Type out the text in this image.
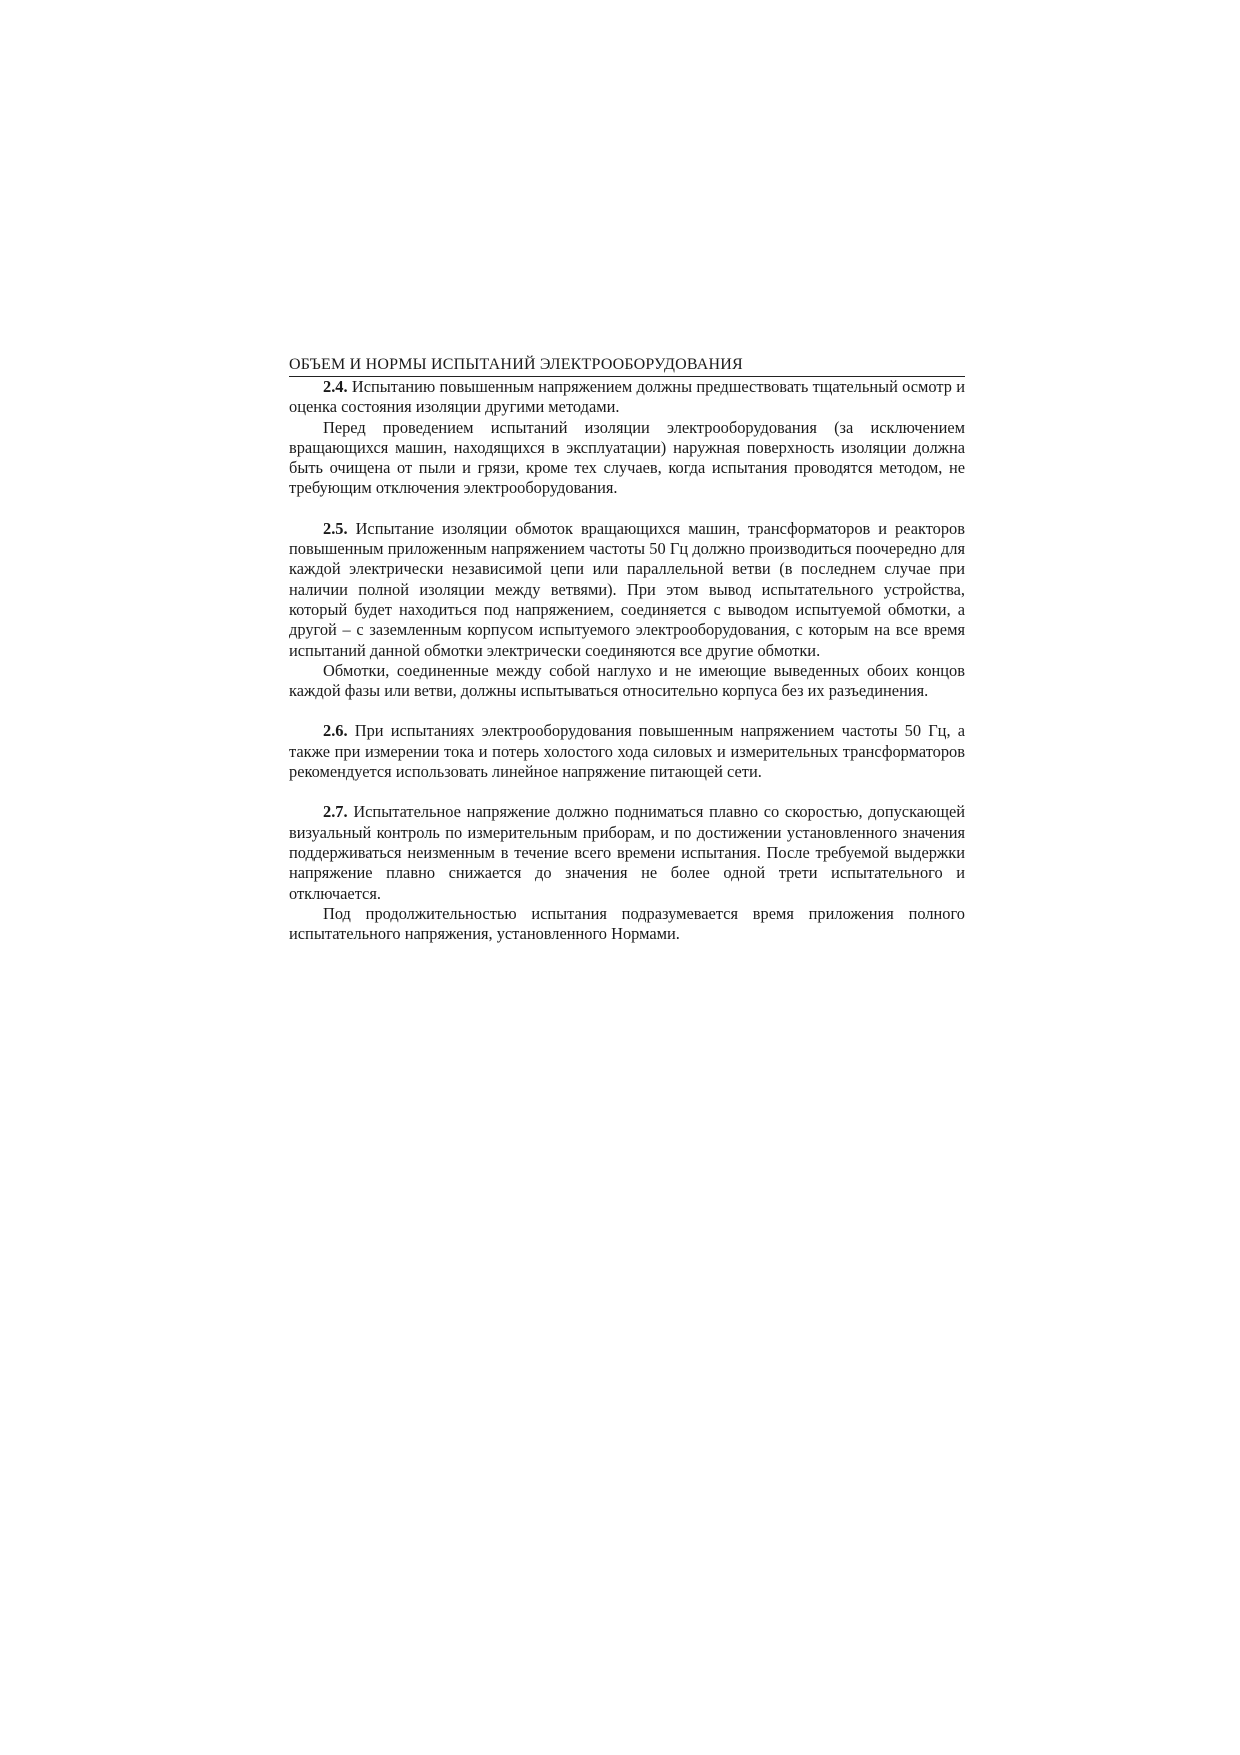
ОБЪЕМ И НОРМЫ ИСПЫТАНИЙ ЭЛЕКТРООБОРУДОВАНИЯ

2.4. Испытанию повышенным напряжением должны предшествовать тщательный осмотр и оценка состояния изоляции другими методами.

Перед проведением испытаний изоляции электрооборудования (за исключением вращающихся машин, находящихся в эксплуатации) наружная поверхность изоляции должна быть очищена от пыли и грязи, кроме тех случаев, когда испытания проводятся методом, не требующим отключения электрооборудования.

2.5. Испытание изоляции обмоток вращающихся машин, трансформаторов и реакторов повышенным приложенным напряжением частоты 50 Гц должно производиться поочередно для каждой электрически независимой цепи или параллельной ветви (в последнем случае при наличии полной изоляции между ветвями). При этом вывод испытательного устройства, который будет находиться под напряжением, соединяется с выводом испытуемой обмотки, а другой – с заземленным корпусом испытуемого электрооборудования, с которым на все время испытаний данной обмотки электрически соединяются все другие обмотки.

Обмотки, соединенные между собой наглухо и не имеющие выведенных обоих концов каждой фазы или ветви, должны испытываться относительно корпуса без их разъединения.

2.6. При испытаниях электрооборудования повышенным напряжением частоты 50 Гц, а также при измерении тока и потерь холостого хода силовых и измерительных трансформаторов рекомендуется использовать линейное напряжение питающей сети.

2.7. Испытательное напряжение должно подниматься плавно со скоростью, допускающей визуальный контроль по измерительным приборам, и по достижении установленного значения поддерживаться неизменным в течение всего времени испытания. После требуемой выдержки напряжение плавно снижается до значения не более одной трети испытательного и отключается.

Под продолжительностью испытания подразумевается время приложения полного испытательного напряжения, установленного Нормами.
